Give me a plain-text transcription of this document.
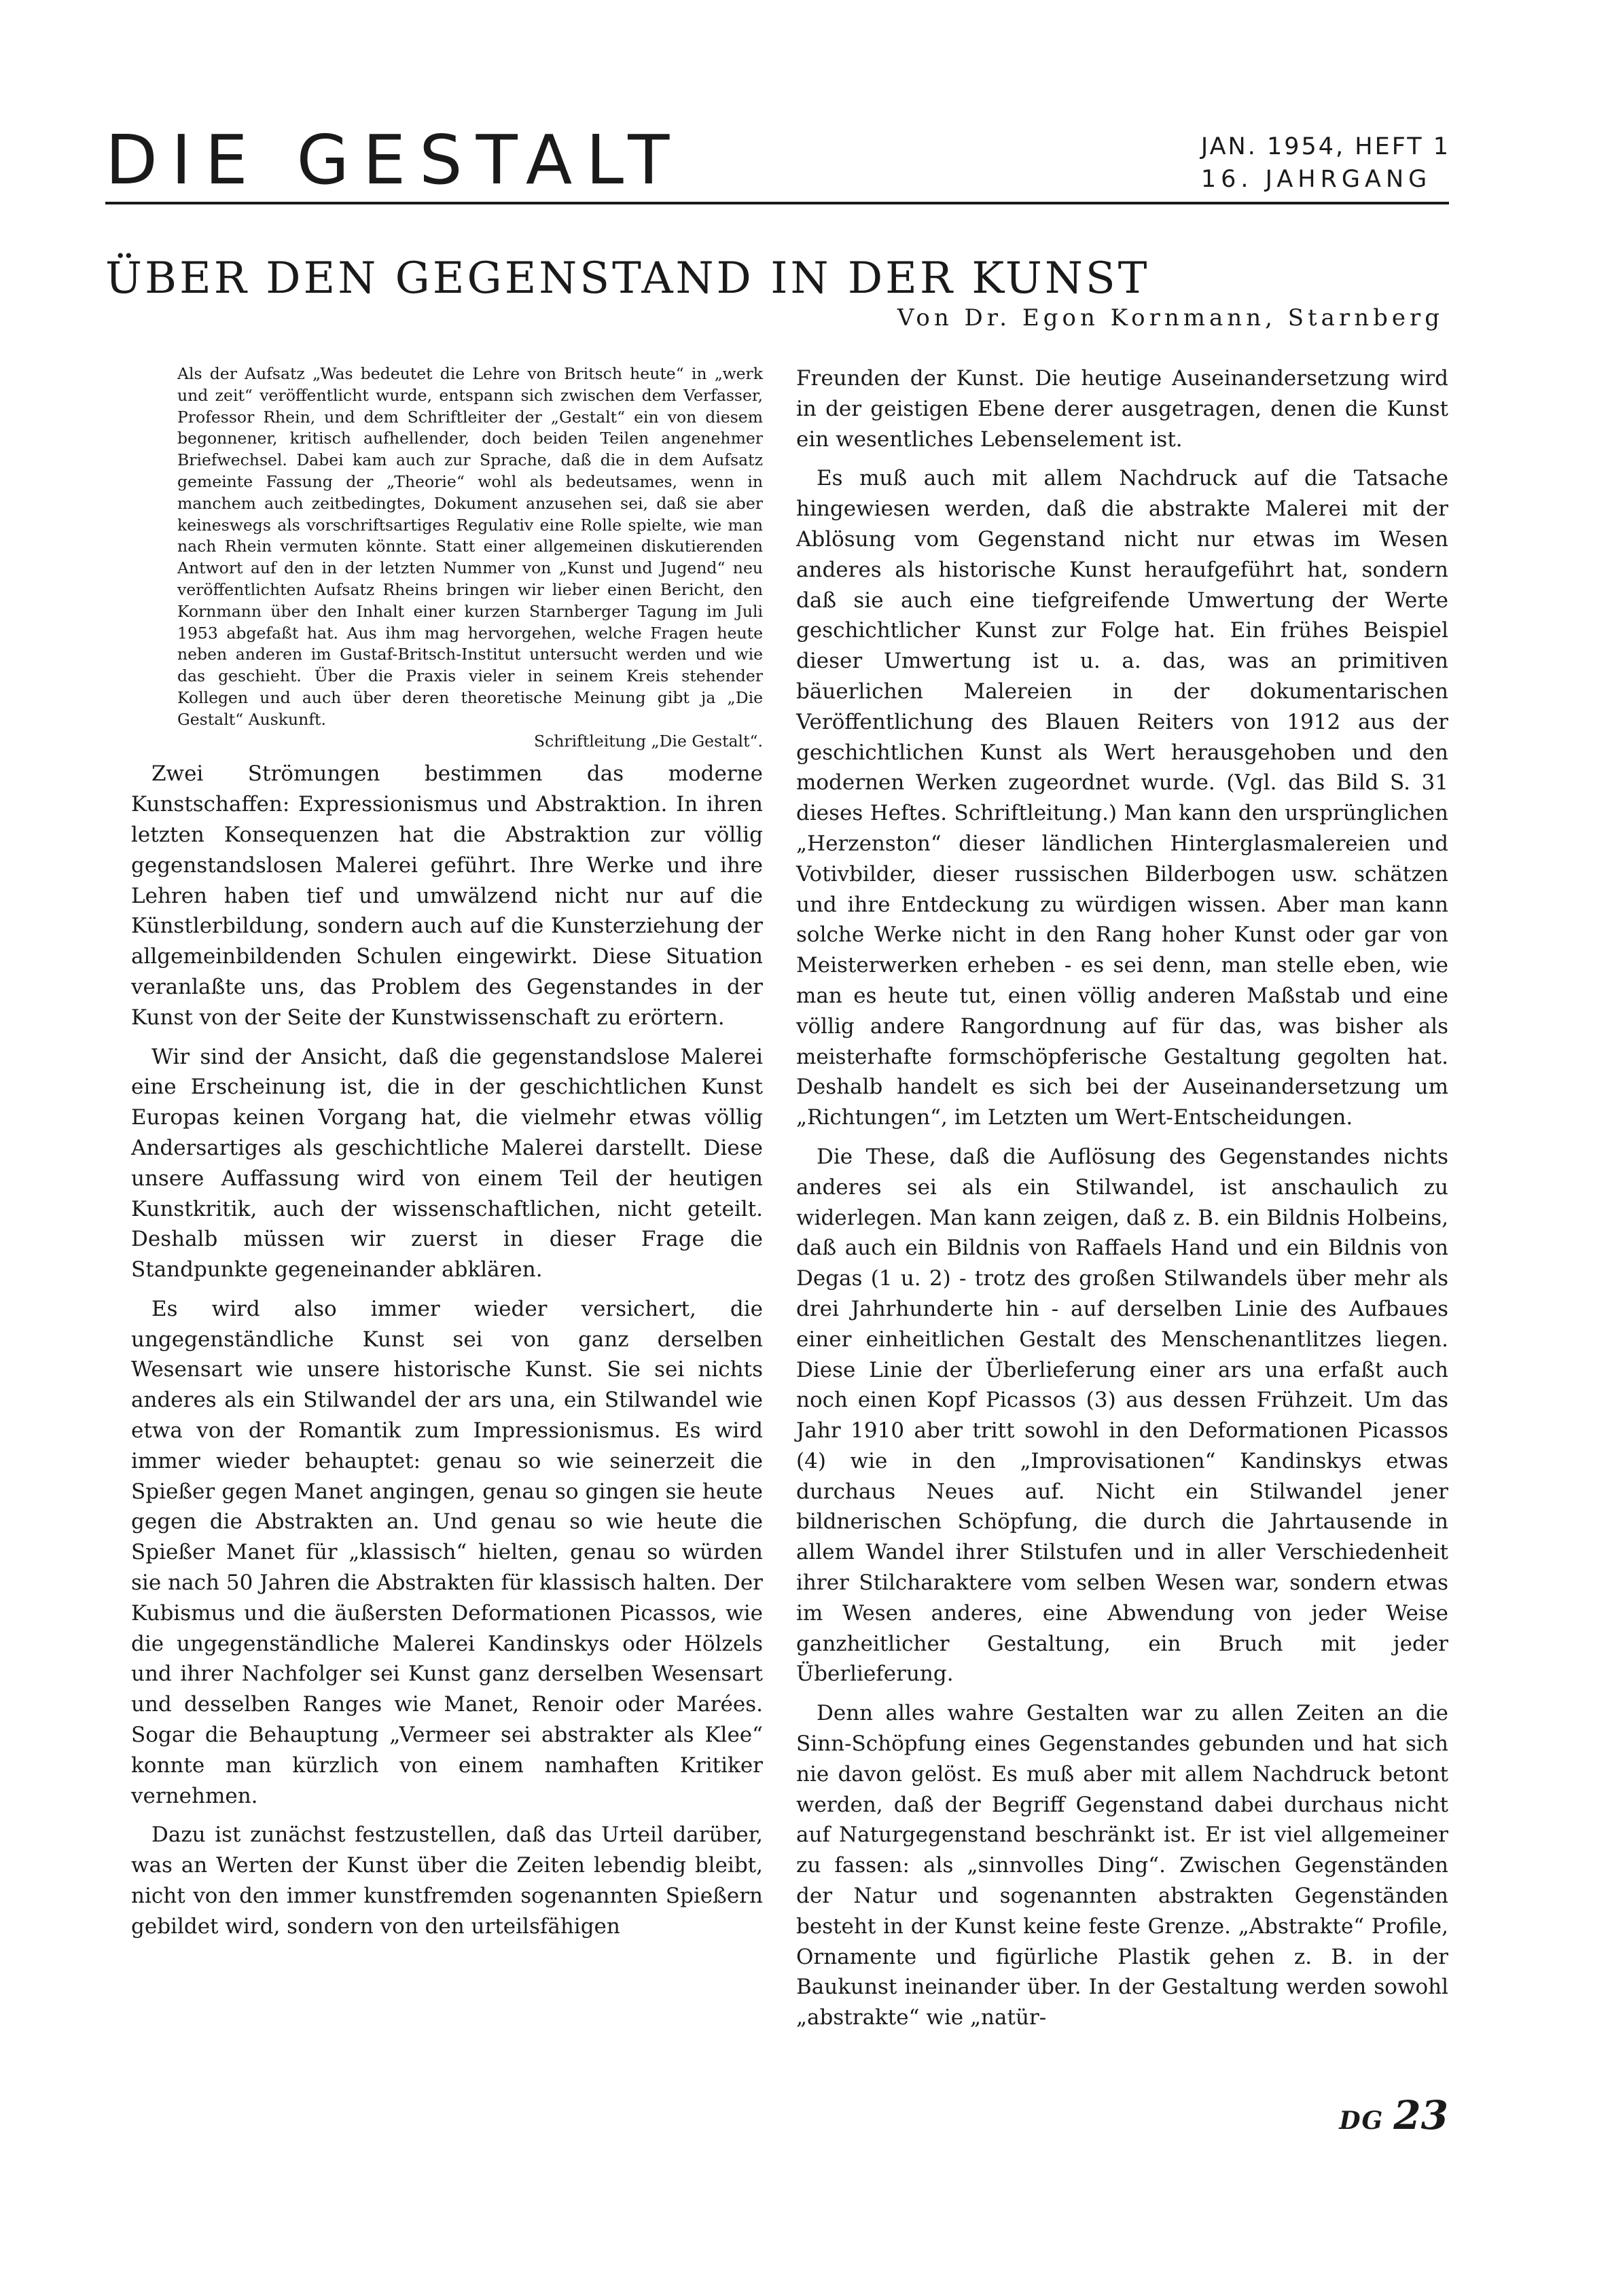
DIE GESTALT	JAN. 1954, HEFT 1
16. JAHRGANG
ÜBER DEN GEGENSTAND IN DER KUNST
Von Dr. Egon Kornmann, Starnberg

Als der Aufsatz „Was bedeutet die Lehre von Britsch heute“ in „werk und zeit“ veröffentlicht wurde, entspann sich zwischen dem Verfasser, Professor Rhein, und dem Schriftleiter der „Gestalt“ ein von diesem begonnener, kritisch aufhellender, doch beiden Teilen angenehmer Briefwechsel. Dabei kam auch zur Sprache, daß die in dem Aufsatz gemeinte Fassung der „Theorie“ wohl als bedeutsames, wenn in manchem auch zeitbedingtes, Dokument anzusehen sei, daß sie aber keineswegs als vorschriftsartiges Regulativ eine Rolle spielte, wie man nach Rhein vermuten könnte. Statt einer allgemeinen diskutierenden Antwort auf den in der letzten Nummer von „Kunst und Jugend“ neu veröffentlichten Aufsatz Rheins bringen wir lieber einen Bericht, den Kornmann über den Inhalt einer kurzen Starnberger Tagung im Juli 1953 abgefaßt hat. Aus ihm mag hervorgehen, welche Fragen heute neben anderen im Gustaf-Britsch-Institut untersucht werden und wie das geschieht. Über die Praxis vieler in seinem Kreis stehender Kollegen und auch über deren theoretische Meinung gibt ja „Die Gestalt“ Auskunft.
Schriftleitung „Die Gestalt“.

Zwei Strömungen bestimmen das moderne Kunstschaffen: Expressionismus und Abstraktion. In ihren letzten Konsequenzen hat die Abstraktion zur völlig gegenstandslosen Malerei geführt. Ihre Werke und ihre Lehren haben tief und umwälzend nicht nur auf die Künstlerbildung, sondern auch auf die Kunsterziehung der allgemeinbildenden Schulen eingewirkt. Diese Situation veranlaßte uns, das Problem des Gegenstandes in der Kunst von der Seite der Kunstwissenschaft zu erörtern.

Wir sind der Ansicht, daß die gegenstandslose Malerei eine Erscheinung ist, die in der geschichtlichen Kunst Europas keinen Vorgang hat, die vielmehr etwas völlig Andersartiges als geschichtliche Malerei darstellt. Diese unsere Auffassung wird von einem Teil der heutigen Kunstkritik, auch der wissenschaftlichen, nicht geteilt. Deshalb müssen wir zuerst in dieser Frage die Standpunkte gegeneinander abklären.

Es wird also immer wieder versichert, die ungegenständliche Kunst sei von ganz derselben Wesensart wie unsere historische Kunst. Sie sei nichts anderes als ein Stilwandel der ars una, ein Stilwandel wie etwa von der Romantik zum Impressionismus. Es wird immer wieder behauptet: genau so wie seinerzeit die Spießer gegen Manet angingen, genau so gingen sie heute gegen die Abstrakten an. Und genau so wie heute die Spießer Manet für „klassisch“ hielten, genau so würden sie nach 50 Jahren die Abstrakten für klassisch halten. Der Kubismus und die äußersten Deformationen Picassos, wie die ungegenständliche Malerei Kandinskys oder Hölzels und ihrer Nachfolger sei Kunst ganz derselben Wesensart und desselben Ranges wie Manet, Renoir oder Marées. Sogar die Behauptung „Vermeer sei abstrakter als Klee“ konnte man kürzlich von einem namhaften Kritiker vernehmen.

Dazu ist zunächst festzustellen, daß das Urteil darüber, was an Werten der Kunst über die Zeiten lebendig bleibt, nicht von den immer kunstfremden sogenannten Spießern gebildet wird, sondern von den urteilsfähigen

Freunden der Kunst. Die heutige Auseinandersetzung wird in der geistigen Ebene derer ausgetragen, denen die Kunst ein wesentliches Lebenselement ist.

Es muß auch mit allem Nachdruck auf die Tatsache hingewiesen werden, daß die abstrakte Malerei mit der Ablösung vom Gegenstand nicht nur etwas im Wesen anderes als historische Kunst heraufgeführt hat, sondern daß sie auch eine tiefgreifende Umwertung der Werte geschichtlicher Kunst zur Folge hat. Ein frühes Beispiel dieser Umwertung ist u. a. das, was an primitiven bäuerlichen Malereien in der dokumentarischen Veröffentlichung des Blauen Reiters von 1912 aus der geschichtlichen Kunst als Wert herausgehoben und den modernen Werken zugeordnet wurde. (Vgl. das Bild S. 31 dieses Heftes. Schriftleitung.) Man kann den ursprünglichen „Herzenston“ dieser ländlichen Hinterglasmalereien und Votivbilder, dieser russischen Bilderbogen usw. schätzen und ihre Entdeckung zu würdigen wissen. Aber man kann solche Werke nicht in den Rang hoher Kunst oder gar von Meisterwerken erheben - es sei denn, man stelle eben, wie man es heute tut, einen völlig anderen Maßstab und eine völlig andere Rangordnung auf für das, was bisher als meisterhafte formschöpferische Gestaltung gegolten hat. Deshalb handelt es sich bei der Auseinandersetzung um „Richtungen“, im Letzten um Wert-Entscheidungen.

Die These, daß die Auflösung des Gegenstandes nichts anderes sei als ein Stilwandel, ist anschaulich zu widerlegen. Man kann zeigen, daß z. B. ein Bildnis Holbeins, daß auch ein Bildnis von Raffaels Hand und ein Bildnis von Degas (1 u. 2) - trotz des großen Stilwandels über mehr als drei Jahrhunderte hin - auf derselben Linie des Aufbaues einer einheitlichen Gestalt des Menschenantlitzes liegen. Diese Linie der Überlieferung einer ars una erfaßt auch noch einen Kopf Picassos (3) aus dessen Frühzeit. Um das Jahr 1910 aber tritt sowohl in den Deformationen Picassos (4) wie in den „Improvisationen“ Kandinskys etwas durchaus Neues auf. Nicht ein Stilwandel jener bildnerischen Schöpfung, die durch die Jahrtausende in allem Wandel ihrer Stilstufen und in aller Verschiedenheit ihrer Stilcharaktere vom selben Wesen war, sondern etwas im Wesen anderes, eine Abwendung von jeder Weise ganzheitlicher Gestaltung, ein Bruch mit jeder Überlieferung.

Denn alles wahre Gestalten war zu allen Zeiten an die Sinn-Schöpfung eines Gegenstandes gebunden und hat sich nie davon gelöst. Es muß aber mit allem Nachdruck betont werden, daß der Begriff Gegenstand dabei durchaus nicht auf Naturgegenstand beschränkt ist. Er ist viel allgemeiner zu fassen: als „sinnvolles Ding“. Zwischen Gegenständen der Natur und sogenannten abstrakten Gegenständen besteht in der Kunst keine feste Grenze. „Abstrakte“ Profile, Ornamente und figürliche Plastik gehen z. B. in der Baukunst ineinander über. In der Gestaltung werden sowohl „abstrakte“ wie „natür-

DG 23
